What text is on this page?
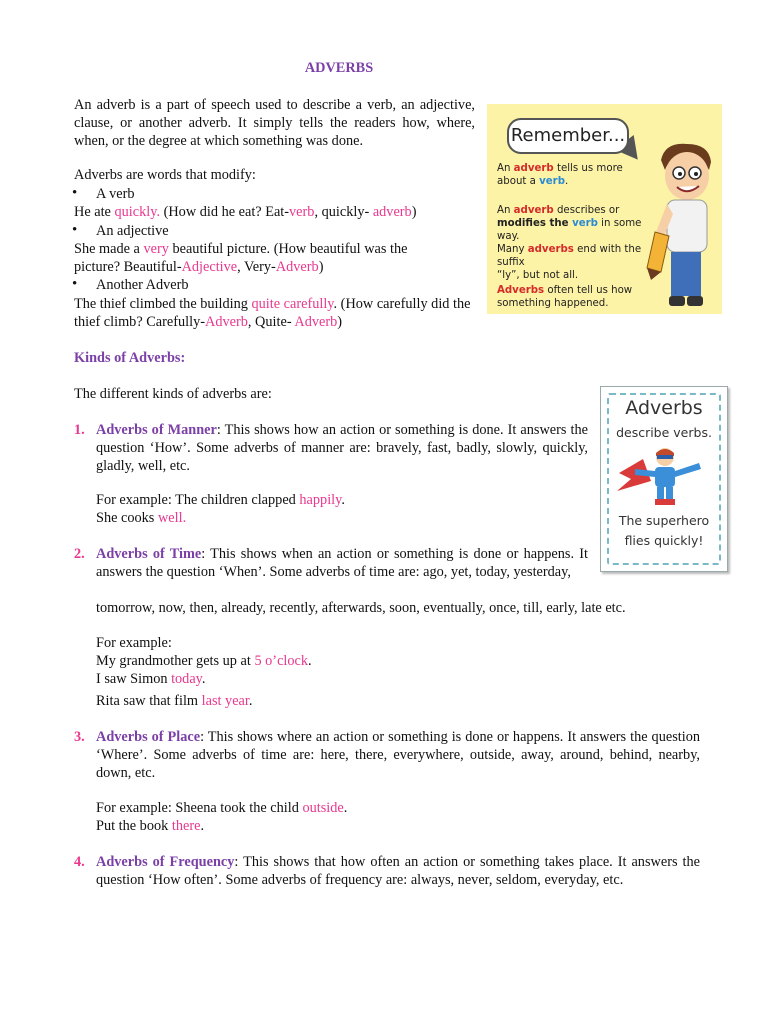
ADVERBS

An adverb is a part of speech used to describe a verb, an adjective, clause, or another adverb. It simply tells the readers how, where, when, or the degree at which something was done.

Adverbs are words that modify:

• A verb

He ate quickly. (How did he eat? Eat-verb, quickly- adverb)

• An adjective

She made a very beautiful picture. (How beautiful was the picture? Beautiful-Adjective, Very-Adverb)

• Another Adverb

The thief climbed the building quite carefully. (How carefully did the thief climb? Carefully-Adverb, Quite- Adverb)

Kinds of Adverbs:

The different kinds of adverbs are:

1. Adverbs of Manner: This shows how an action or something is done. It answers the question ‘How’. Some adverbs of manner are: bravely, fast, badly, slowly, quickly, gladly, well, etc.

For example: The children clapped happily.

She cooks well.

2. Adverbs of Time: This shows when an action or something is done or happens. It answers the question ‘When’. Some adverbs of time are: ago, yet, today, yesterday,

tomorrow, now, then, already, recently, afterwards, soon, eventually, once, till, early, late etc.

For example:

My grandmother gets up at 5 o’clock.

I saw Simon today.

Rita saw that film last year.

3. Adverbs of Place: This shows where an action or something is done or happens. It answers the question ‘Where’. Some adverbs of time are: here, there, everywhere, outside, away, around, behind, nearby, down, etc.

For example: Sheena took the child outside.

Put the book there.

4. Adverbs of Frequency: This shows that how often an action or something takes place. It answers the question ‘How often’. Some adverbs of frequency are: always, never, seldom, everyday, etc.

Remember...
An adverb tells us more
about a verb.
An adverb describes or
modifies the verb in some way.
Many adverbs end with the suffix
“ly”, but not all.
Adverbs often tell us how
something happened.
Adverbs
describe verbs.
The superhero
flies quickly!
